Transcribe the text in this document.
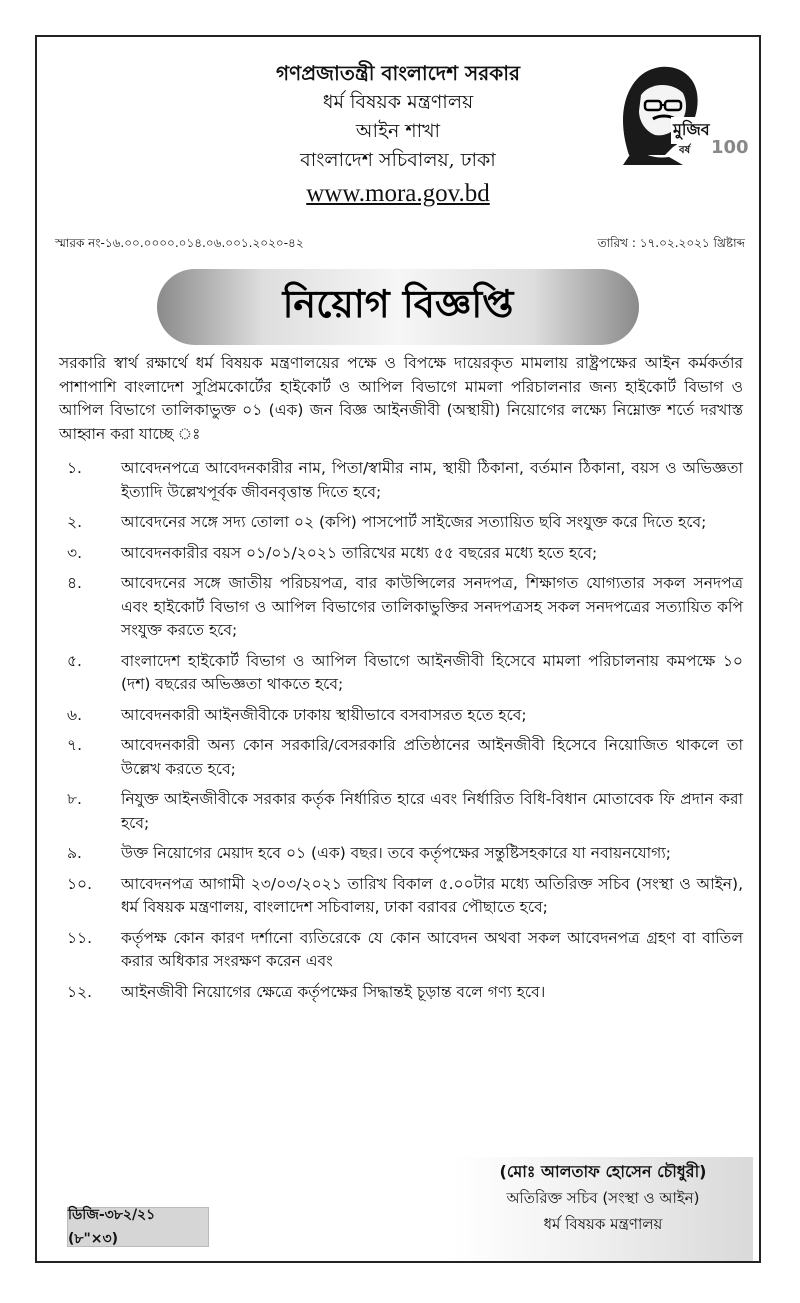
গণপ্রজাতন্ত্রী বাংলাদেশ সরকার
ধর্ম বিষয়ক মন্ত্রণালয়
আইন শাখা
বাংলাদেশ সচিবালয়, ঢাকা
www.mora.gov.bd
মুজিব
বর্ষ 100
স্মারক নং-১৬.০০.০০০০.০১৪.০৬.০০১.২০২০-৪২	তারিখ : ১৭.০২.২০২১ খ্রিষ্টাব্দ
নিয়োগ বিজ্ঞপ্তি
সরকারি স্বার্থ রক্ষার্থে ধর্ম বিষয়ক মন্ত্রণালয়ের পক্ষে ও বিপক্ষে দায়েরকৃত মামলায় রাষ্ট্রপক্ষের আইন কর্মকর্তার পাশাপাশি বাংলাদেশ সুপ্রিমকোর্টের হাইকোর্ট ও আপিল বিভাগে মামলা পরিচালনার জন্য হাইকোর্ট বিভাগ ও আপিল বিভাগে তালিকাভুক্ত ০১ (এক) জন বিজ্ঞ আইনজীবী (অস্থায়ী) নিয়োগের লক্ষ্যে নিম্নোক্ত শর্তে দরখাস্ত আহ্বান করা যাচ্ছে ঃ
১.	আবেদনপত্রে আবেদনকারীর নাম, পিতা/স্বামীর নাম, স্থায়ী ঠিকানা, বর্তমান ঠিকানা, বয়স ও অভিজ্ঞতা ইত্যাদি উল্লেখপূর্বক জীবনবৃত্তান্ত দিতে হবে;
২.	আবেদনের সঙ্গে সদ্য তোলা ০২ (কপি) পাসপোর্ট সাইজের সত্যায়িত ছবি সংযুক্ত করে দিতে হবে;
৩.	আবেদনকারীর বয়স ০১/০১/২০২১ তারিখের মধ্যে ৫৫ বছরের মধ্যে হতে হবে;
৪.	আবেদনের সঙ্গে জাতীয় পরিচয়পত্র, বার কাউন্সিলের সনদপত্র, শিক্ষাগত যোগ্যতার সকল সনদপত্র এবং হাইকোর্ট বিভাগ ও আপিল বিভাগের তালিকাভুক্তির সনদপত্রসহ সকল সনদপত্রের সত্যায়িত কপি সংযুক্ত করতে হবে;
৫.	বাংলাদেশ হাইকোর্ট বিভাগ ও আপিল বিভাগে আইনজীবী হিসেবে মামলা পরিচালনায় কমপক্ষে ১০ (দশ) বছরের অভিজ্ঞতা থাকতে হবে;
৬.	আবেদনকারী আইনজীবীকে ঢাকায় স্থায়ীভাবে বসবাসরত হতে হবে;
৭.	আবেদনকারী অন্য কোন সরকারি/বেসরকারি প্রতিষ্ঠানের আইনজীবী হিসেবে নিয়োজিত থাকলে তা উল্লেখ করতে হবে;
৮.	নিযুক্ত আইনজীবীকে সরকার কর্তৃক নির্ধারিত হারে এবং নির্ধারিত বিধি-বিধান মোতাবেক ফি প্রদান করা হবে;
৯.	উক্ত নিয়োগের মেয়াদ হবে ০১ (এক) বছর। তবে কর্তৃপক্ষের সন্তুষ্টিসহকারে যা নবায়নযোগ্য;
১০.	আবেদনপত্র আগামী ২৩/০৩/২০২১ তারিখ বিকাল ৫.০০টার মধ্যে অতিরিক্ত সচিব (সংস্থা ও আইন), ধর্ম বিষয়ক মন্ত্রণালয়, বাংলাদেশ সচিবালয়, ঢাকা বরাবর পৌছাতে হবে;
১১.	কর্তৃপক্ষ কোন কারণ দর্শানো ব্যতিরেকে যে কোন আবেদন অথবা সকল আবেদনপত্র গ্রহণ বা বাতিল করার অধিকার সংরক্ষণ করেন এবং
১২.	আইনজীবী নিয়োগের ক্ষেত্রে কর্তৃপক্ষের সিদ্ধান্তই চূড়ান্ত বলে গণ্য হবে।
ডিজি-৩৮২/২১ (৮"×৩)
(মোঃ আলতাফ হোসেন চৌধুরী)
অতিরিক্ত সচিব (সংস্থা ও আইন)
ধর্ম বিষয়ক মন্ত্রণালয়
